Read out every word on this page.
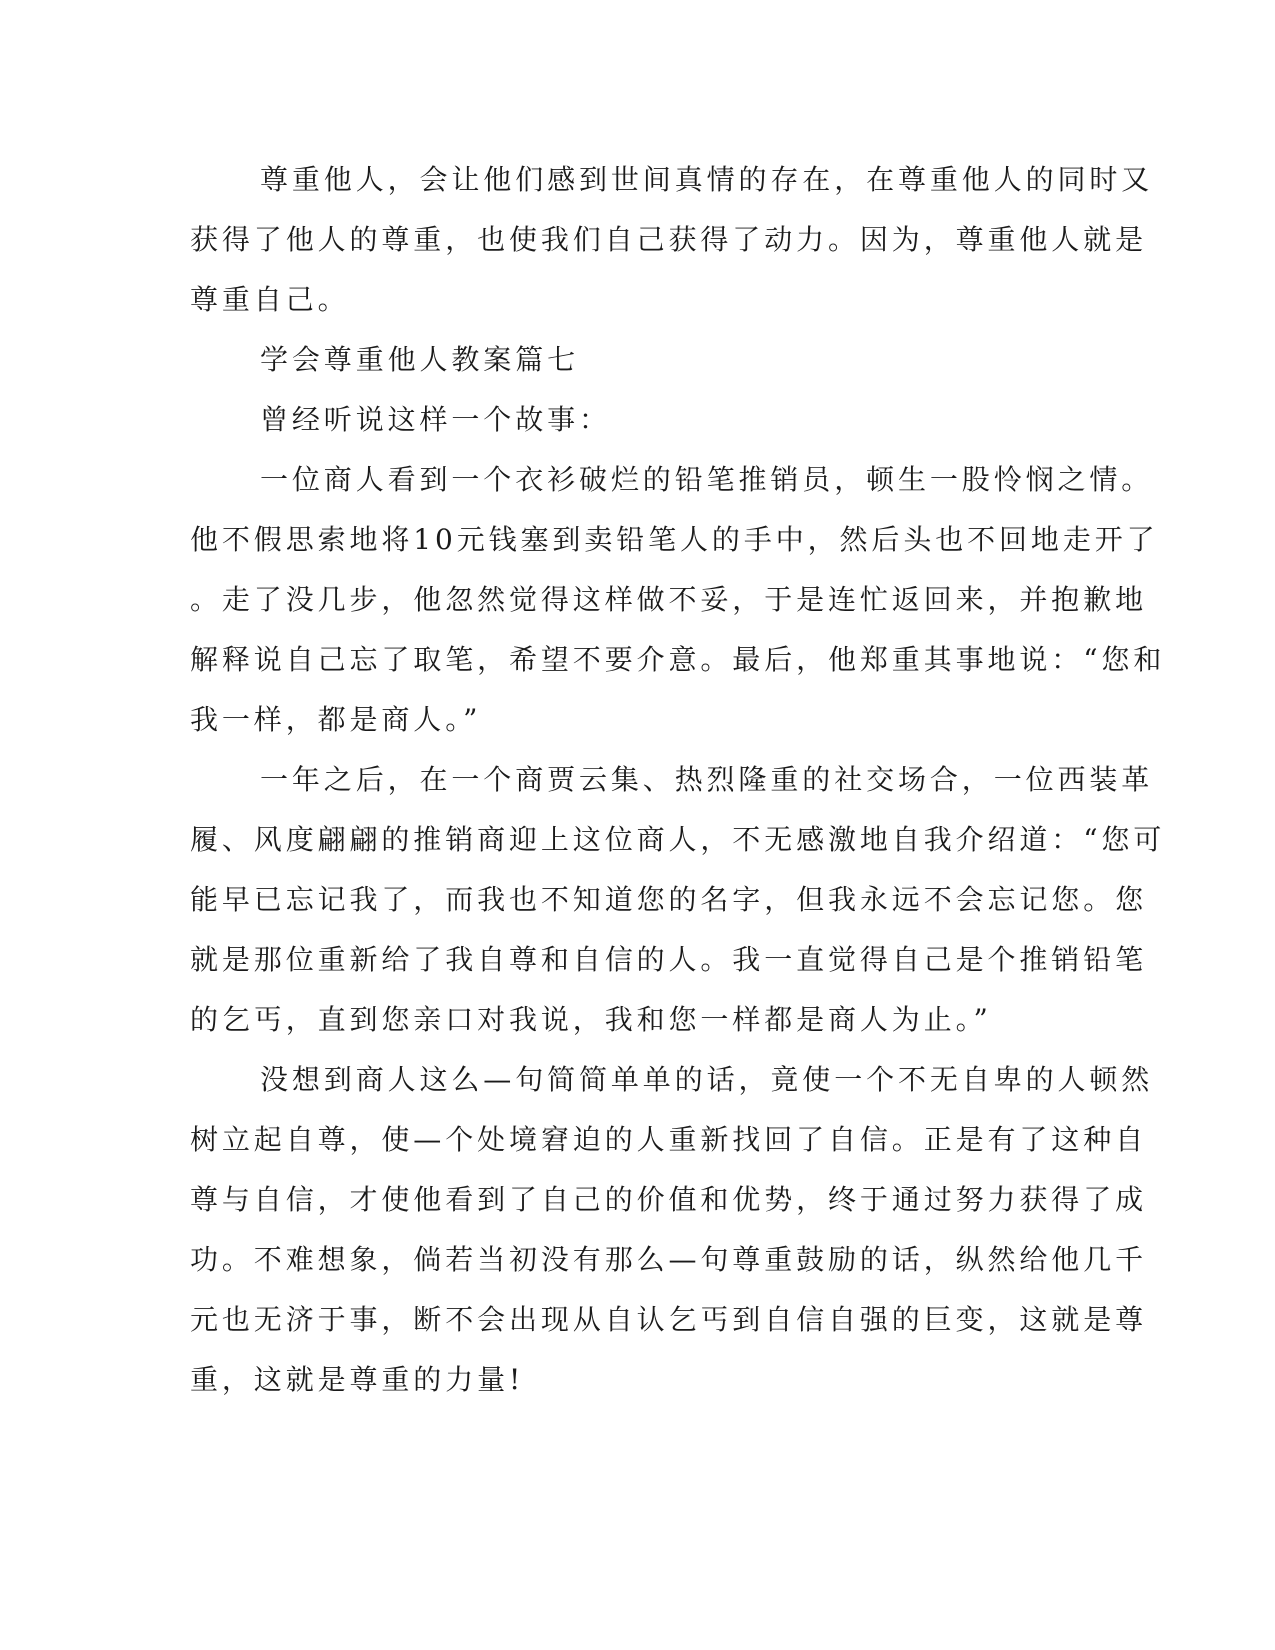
尊重他人，会让他们感到世间真情的存在，在尊重他人的同时又
获得了他人的尊重，也使我们自己获得了动力。因为，尊重他人就是
尊重自己。
学会尊重他人教案篇七
曾经听说这样一个故事：
一位商人看到一个衣衫破烂的铅笔推销员，顿生一股怜悯之情。
他不假思索地将10元钱塞到卖铅笔人的手中，然后头也不回地走开了
。走了没几步，他忽然觉得这样做不妥，于是连忙返回来，并抱歉地
解释说自己忘了取笔，希望不要介意。最后，他郑重其事地说：“您和
我一样，都是商人。”
一年之后，在一个商贾云集、热烈隆重的社交场合，一位西装革
履、风度翩翩的推销商迎上这位商人，不无感激地自我介绍道：“您可
能早已忘记我了，而我也不知道您的名字，但我永远不会忘记您。您
就是那位重新给了我自尊和自信的人。我一直觉得自己是个推销铅笔
的乞丐，直到您亲口对我说，我和您一样都是商人为止。”
没想到商人这么—句简简单单的话，竟使一个不无自卑的人顿然
树立起自尊，使—个处境窘迫的人重新找回了自信。正是有了这种自
尊与自信，才使他看到了自己的价值和优势，终于通过努力获得了成
功。不难想象，倘若当初没有那么—句尊重鼓励的话，纵然给他几千
元也无济于事，断不会出现从自认乞丐到自信自强的巨变，这就是尊
重，这就是尊重的力量!
